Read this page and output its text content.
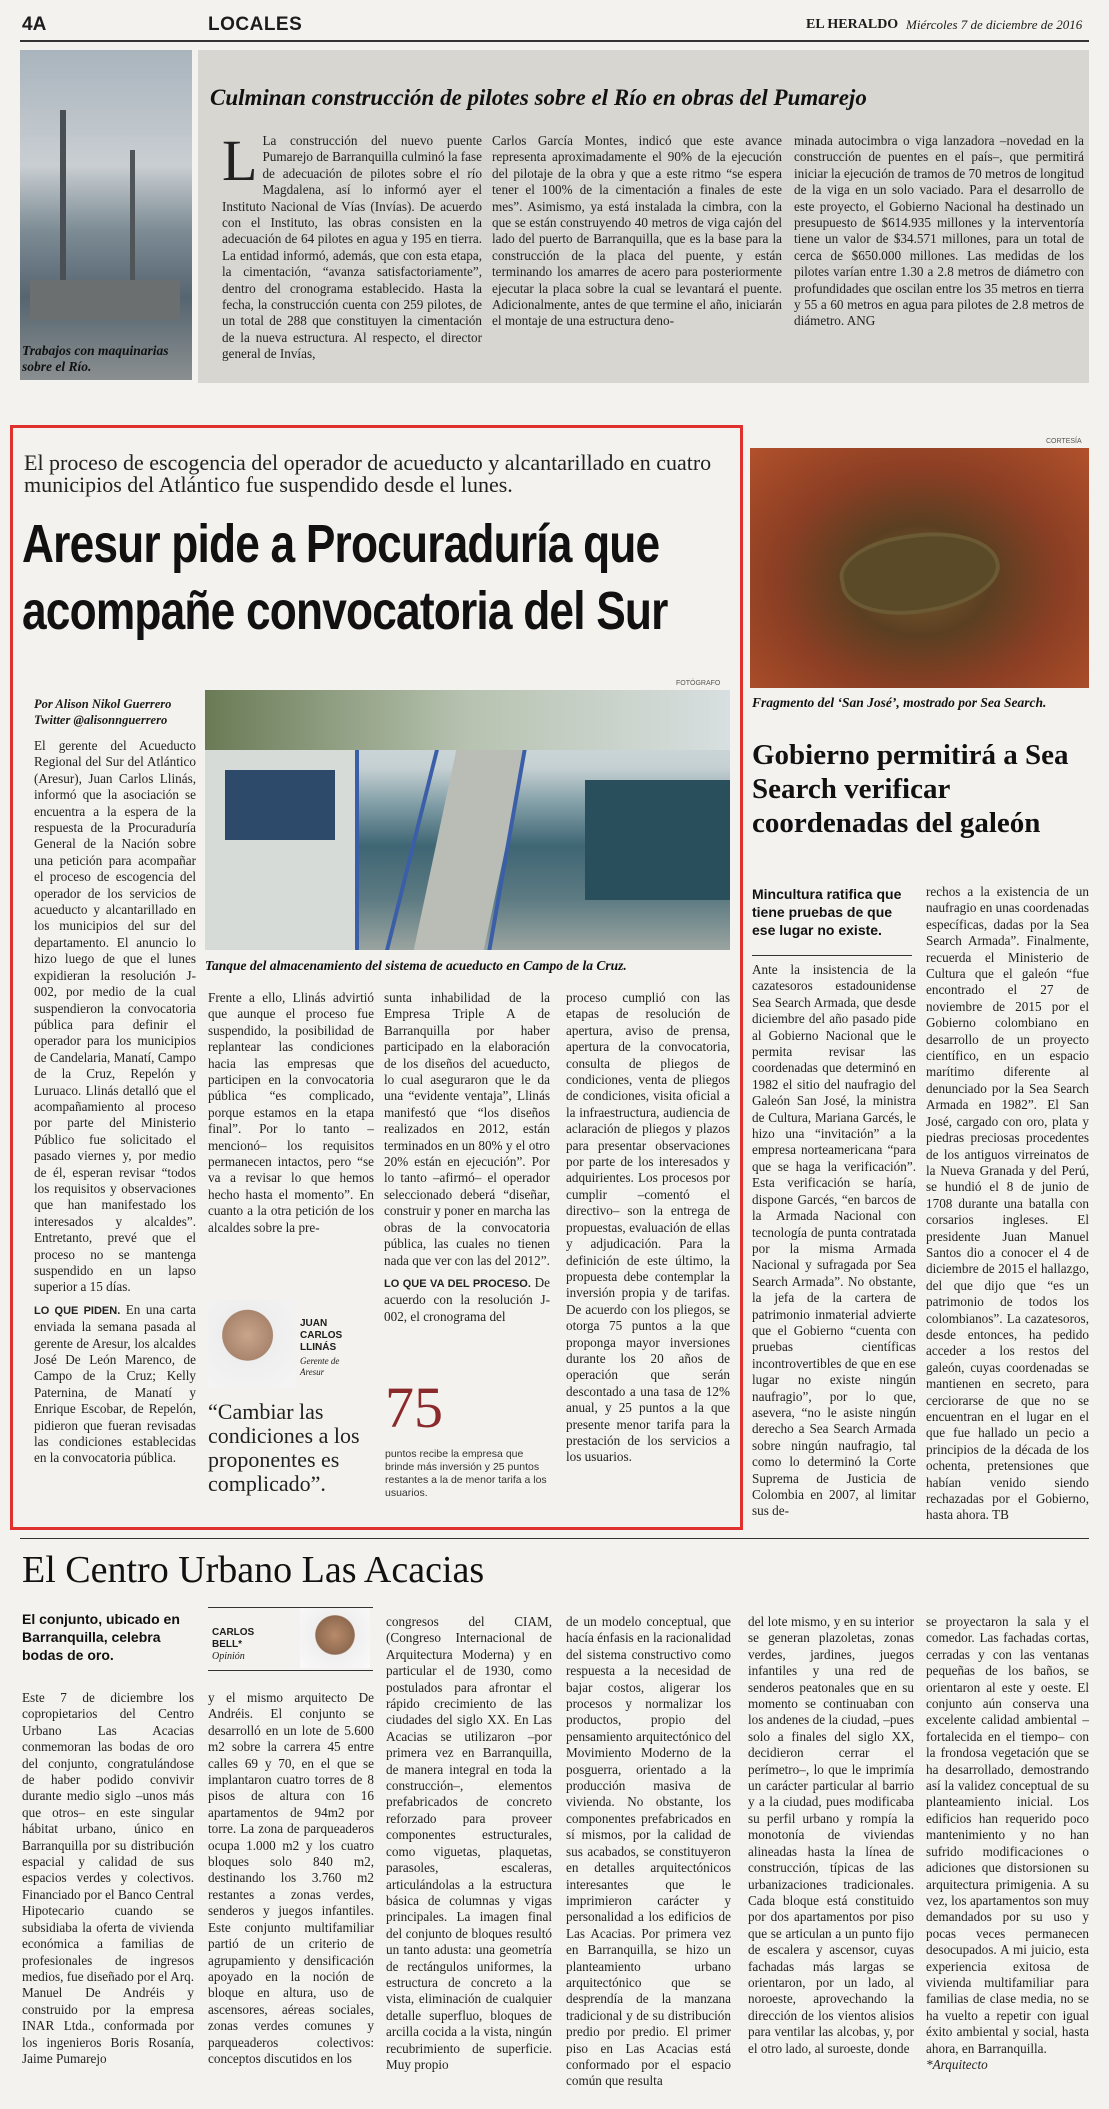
4A	LOCALES	EL HERALDO Miércoles 7 de diciembre de 2016
Trabajos con maquinarias sobre el Río.
Culminan construcción de pilotes sobre el Río en obras del Pumarejo
L La construcción del nuevo puente Pumarejo de Barranquilla culminó la fase de adecuación de pilotes sobre el río Magdalena, así lo informó ayer el Instituto Nacional de Vías (Invías). De acuerdo con el Instituto, las obras consisten en la adecuación de 64 pilotes en agua y 195 en tierra. La entidad informó, además, que con esta etapa, la cimentación, “avanza satisfactoriamente”, dentro del cronograma establecido. Hasta la fecha, la construcción cuenta con 259 pilotes, de un total de 288 que constituyen la cimentación de la nueva estructura. Al respecto, el director general de Invías,
Carlos García Montes, indicó que este avance representa aproximadamente el 90% de la ejecución del pilotaje de la obra y que a este ritmo “se espera tener el 100% de la cimentación a finales de este mes”. Asimismo, ya está instalada la cimbra, con la que se están construyendo 40 metros de viga cajón del lado del puerto de Barranquilla, que es la base para la construcción de la placa del puente, y están terminando los amarres de acero para posteriormente ejecutar la placa sobre la cual se levantará el puente. Adicionalmente, antes de que termine el año, iniciarán el montaje de una estructura deno-
minada autocimbra o viga lanzadora –novedad en la construcción de puentes en el país–, que permitirá iniciar la ejecución de tramos de 70 metros de longitud de la viga en un solo vaciado. Para el desarrollo de este proyecto, el Gobierno Nacional ha destinado un presupuesto de $614.935 millones y la interventoría tiene un valor de $34.571 millones, para un total de cerca de $650.000 millones. Las medidas de los pilotes varían entre 1.30 a 2.8 metros de diámetro con profundidades que oscilan entre los 35 metros en tierra y 55 a 60 metros en agua para pilotes de 2.8 metros de diámetro. ANG
El proceso de escogencia del operador de acueducto y alcantarillado en cuatro municipios del Atlántico fue suspendido desde el lunes.
Aresur pide a Procuraduría que
acompañe convocatoria del Sur
FOTÓGRAFO
Por Alison Nikol Guerrero
Twitter @alisonnguerrero
Tanque del almacenamiento del sistema de acueducto en Campo de la Cruz.

El gerente del Acueducto Regional del Sur del Atlántico (Aresur), Juan Carlos Llinás, informó que la asociación se encuentra a la espera de la respuesta de la Procuraduría General de la Nación sobre una petición para acompañar el proceso de escogencia del operador de los servicios de acueducto y alcantarillado en los municipios del sur del departamento. El anuncio lo hizo luego de que el lunes expidieran la resolución J-002, por medio de la cual suspendieron la convocatoria pública para definir el operador para los municipios de Candelaria, Manatí, Campo de la Cruz, Repelón y Luruaco. Llinás detalló que el acompañamiento al proceso por parte del Ministerio Público fue solicitado el pasado viernes y, por medio de él, esperan revisar “todos los requisitos y observaciones que han manifestado los interesados y alcaldes”. Entretanto, prevé que el proceso no se mantenga suspendido en un lapso superior a 15 días.

LO QUE PIDEN. En una carta enviada la semana pasada al gerente de Aresur, los alcaldes José De León Marenco, de Campo de la Cruz; Kelly Paternina, de Manatí y Enrique Escobar, de Repelón, pidieron que fueran revisadas las condiciones establecidas en la convocatoria pública.

Frente a ello, Llinás advirtió que aunque el proceso fue suspendido, la posibilidad de replantear las condiciones hacia las empresas que participen en la convocatoria pública “es complicado, porque estamos en la etapa final”. Por lo tanto –mencionó– los requisitos permanecen intactos, pero “se va a revisar lo que hemos hecho hasta el momento”. En cuanto a la otra petición de los alcaldes sobre la pre-

sunta inhabilidad de la Empresa Triple A de Barranquilla por haber participado en la elaboración de los diseños del acueducto, lo cual aseguraron que le da una “evidente ventaja”, Llinás manifestó que “los diseños realizados en 2012, están terminados en un 80% y el otro 20% están en ejecución”. Por lo tanto –afirmó– el operador seleccionado deberá “diseñar, construir y poner en marcha las obras de la convocatoria pública, las cuales no tienen nada que ver con las del 2012”.

LO QUE VA DEL PROCESO. De acuerdo con la resolución J-002, el cronograma del

proceso cumplió con las etapas de resolución de apertura, aviso de prensa, apertura de la convocatoria, consulta de pliegos de condiciones, venta de pliegos de condiciones, visita oficial a la infraestructura, audiencia de aclaración de pliegos y plazos para presentar observaciones por parte de los interesados y adquirientes. Los procesos por cumplir –comentó el directivo– son la entrega de propuestas, evaluación de ellas y adjudicación. Para la definición de este último, la propuesta debe contemplar la inversión propia y de tarifas. De acuerdo con los pliegos, se otorga 75 puntos a la que proponga mayor inversiones durante los 20 años de operación que serán descontado a una tasa de 12% anual, y 25 puntos a la que presente menor tarifa para la prestación de los servicios a los usuarios.
JUAN
CARLOS
LLINÁS
Gerente de
Aresur
“Cambiar las condiciones a los proponentes es complicado”.
75
puntos recibe la empresa que brinde más inversión y 25 puntos restantes a la de menor tarifa a los usuarios.
CORTESÍA
Fragmento del ‘San José’, mostrado por Sea Search.
Gobierno permitirá a Sea Search verificar coordenadas del galeón
Mincultura ratifica que tiene pruebas de que ese lugar no existe.
Ante la insistencia de la cazatesoros estadounidense Sea Search Armada, que desde diciembre del año pasado pide al Gobierno Nacional que le permita revisar las coordenadas que determinó en 1982 el sitio del naufragio del Galeón San José, la ministra de Cultura, Mariana Garcés, le hizo una “invitación” a la empresa norteamericana “para que se haga la verificación”. Esta verificación se haría, dispone Garcés, “en barcos de la Armada Nacional con tecnología de punta contratada por la misma Armada Nacional y sufragada por Sea Search Armada”. No obstante, la jefa de la cartera de patrimonio inmaterial advierte que el Gobierno “cuenta con pruebas científicas incontrovertibles de que en ese lugar no existe ningún naufragio”, por lo que, asevera, “no le asiste ningún derecho a Sea Search Armada sobre ningún naufragio, tal como lo determinó la Corte Suprema de Justicia de Colombia en 2007, al limitar sus de-
rechos a la existencia de un naufragio en unas coordenadas específicas, dadas por la Sea Search Armada”. Finalmente, recuerda el Ministerio de Cultura que el galeón “fue encontrado el 27 de noviembre de 2015 por el Gobierno colombiano en desarrollo de un proyecto científico, en un espacio marítimo diferente al denunciado por la Sea Search Armada en 1982”. El San José, cargado con oro, plata y piedras preciosas procedentes de los antiguos virreinatos de la Nueva Granada y del Perú, se hundió el 8 de junio de 1708 durante una batalla con corsarios ingleses. El presidente Juan Manuel Santos dio a conocer el 4 de diciembre de 2015 el hallazgo, del que dijo que “es un patrimonio de todos los colombianos”. La cazatesoros, desde entonces, ha pedido acceder a los restos del galeón, cuyas coordenadas se mantienen en secreto, para cerciorarse de que no se encuentran en el lugar en el que fue hallado un pecio a principios de la década de los ochenta, pretensiones que habían venido siendo rechazadas por el Gobierno, hasta ahora. TB
El Centro Urbano Las Acacias
El conjunto, ubicado en Barranquilla, celebra bodas de oro.
CARLOS
BELL*
Opinión
Este 7 de diciembre los copropietarios del Centro Urbano Las Acacias conmemoran las bodas de oro del conjunto, congratulándose de haber podido convivir durante medio siglo –unos más que otros– en este singular hábitat urbano, único en Barranquilla por su distribución espacial y calidad de sus espacios verdes y colectivos. Financiado por el Banco Central Hipotecario cuando se subsidiaba la oferta de vivienda económica a familias de profesionales de ingresos medios, fue diseñado por el Arq. Manuel De Andréis y construido por la empresa INAR Ltda., conformada por los ingenieros Boris Rosanía, Jaime Pumarejo
y el mismo arquitecto De Andréis. El conjunto se desarrolló en un lote de 5.600 m2 sobre la carrera 45 entre calles 69 y 70, en el que se implantaron cuatro torres de 8 pisos de altura con 16 apartamentos de 94m2 por torre. La zona de parqueaderos ocupa 1.000 m2 y los cuatro bloques solo 840 m2, destinando los 3.760 m2 restantes a zonas verdes, senderos y juegos infantiles. Este conjunto multifamiliar partió de un criterio de agrupamiento y densificación apoyado en la noción de bloque en altura, uso de ascensores, aéreas sociales, zonas verdes comunes y parqueaderos colectivos: conceptos discutidos en los
congresos del CIAM, (Congreso Internacional de Arquitectura Moderna) y en particular el de 1930, como postulados para afrontar el rápido crecimiento de las ciudades del siglo XX. En Las Acacias se utilizaron –por primera vez en Barranquilla, de manera integral en toda la construcción–, elementos prefabricados de concreto reforzado para proveer componentes estructurales, como viguetas, plaquetas, parasoles, escaleras, articulándolas a la estructura básica de columnas y vigas principales. La imagen final del conjunto de bloques resultó un tanto adusta: una geometría de rectángulos uniformes, la estructura de concreto a la vista, eliminación de cualquier detalle superfluo, bloques de arcilla cocida a la vista, ningún recubrimiento de superficie. Muy propio
de un modelo conceptual, que hacía énfasis en la racionalidad del sistema constructivo como respuesta a la necesidad de bajar costos, aligerar los procesos y normalizar los productos, propio del pensamiento arquitectónico del Movimiento Moderno de la posguerra, orientado a la producción masiva de vivienda. No obstante, los componentes prefabricados en sí mismos, por la calidad de sus acabados, se constituyeron en detalles arquitectónicos interesantes que le imprimieron carácter y personalidad a los edificios de Las Acacias. Por primera vez en Barranquilla, se hizo un planteamiento urbano arquitectónico que se desprendía de la manzana tradicional y de su distribución predio por predio. El primer piso en Las Acacias está conformado por el espacio común que resulta
del lote mismo, y en su interior se generan plazoletas, zonas verdes, jardines, juegos infantiles y una red de senderos peatonales que en su momento se continuaban con los andenes de la ciudad, –pues solo a finales del siglo XX, decidieron cerrar el perímetro–, lo que le imprimía un carácter particular al barrio y a la ciudad, pues modificaba su perfil urbano y rompía la monotonía de viviendas alineadas hasta la línea de construcción, típicas de las urbanizaciones tradicionales. Cada bloque está constituido por dos apartamentos por piso que se articulan a un punto fijo de escalera y ascensor, cuyas fachadas más largas se orientaron, por un lado, al noroeste, aprovechando la dirección de los vientos alisios para ventilar las alcobas, y, por el otro lado, al suroeste, donde

se proyectaron la sala y el comedor. Las fachadas cortas, cerradas y con las ventanas pequeñas de los baños, se orientaron al este y oeste. El conjunto aún conserva una excelente calidad ambiental –fortalecida en el tiempo– con la frondosa vegetación que se ha desarrollado, demostrando así la validez conceptual de su planteamiento inicial. Los edificios han requerido poco mantenimiento y no han sufrido modificaciones o adiciones que distorsionen su arquitectura primigenia. A su vez, los apartamentos son muy demandados por su uso y pocas veces permanecen desocupados. A mi juicio, esta experiencia exitosa de vivienda multifamiliar para familias de clase media, no se ha vuelto a repetir con igual éxito ambiental y social, hasta ahora, en Barranquilla.

*Arquitecto
